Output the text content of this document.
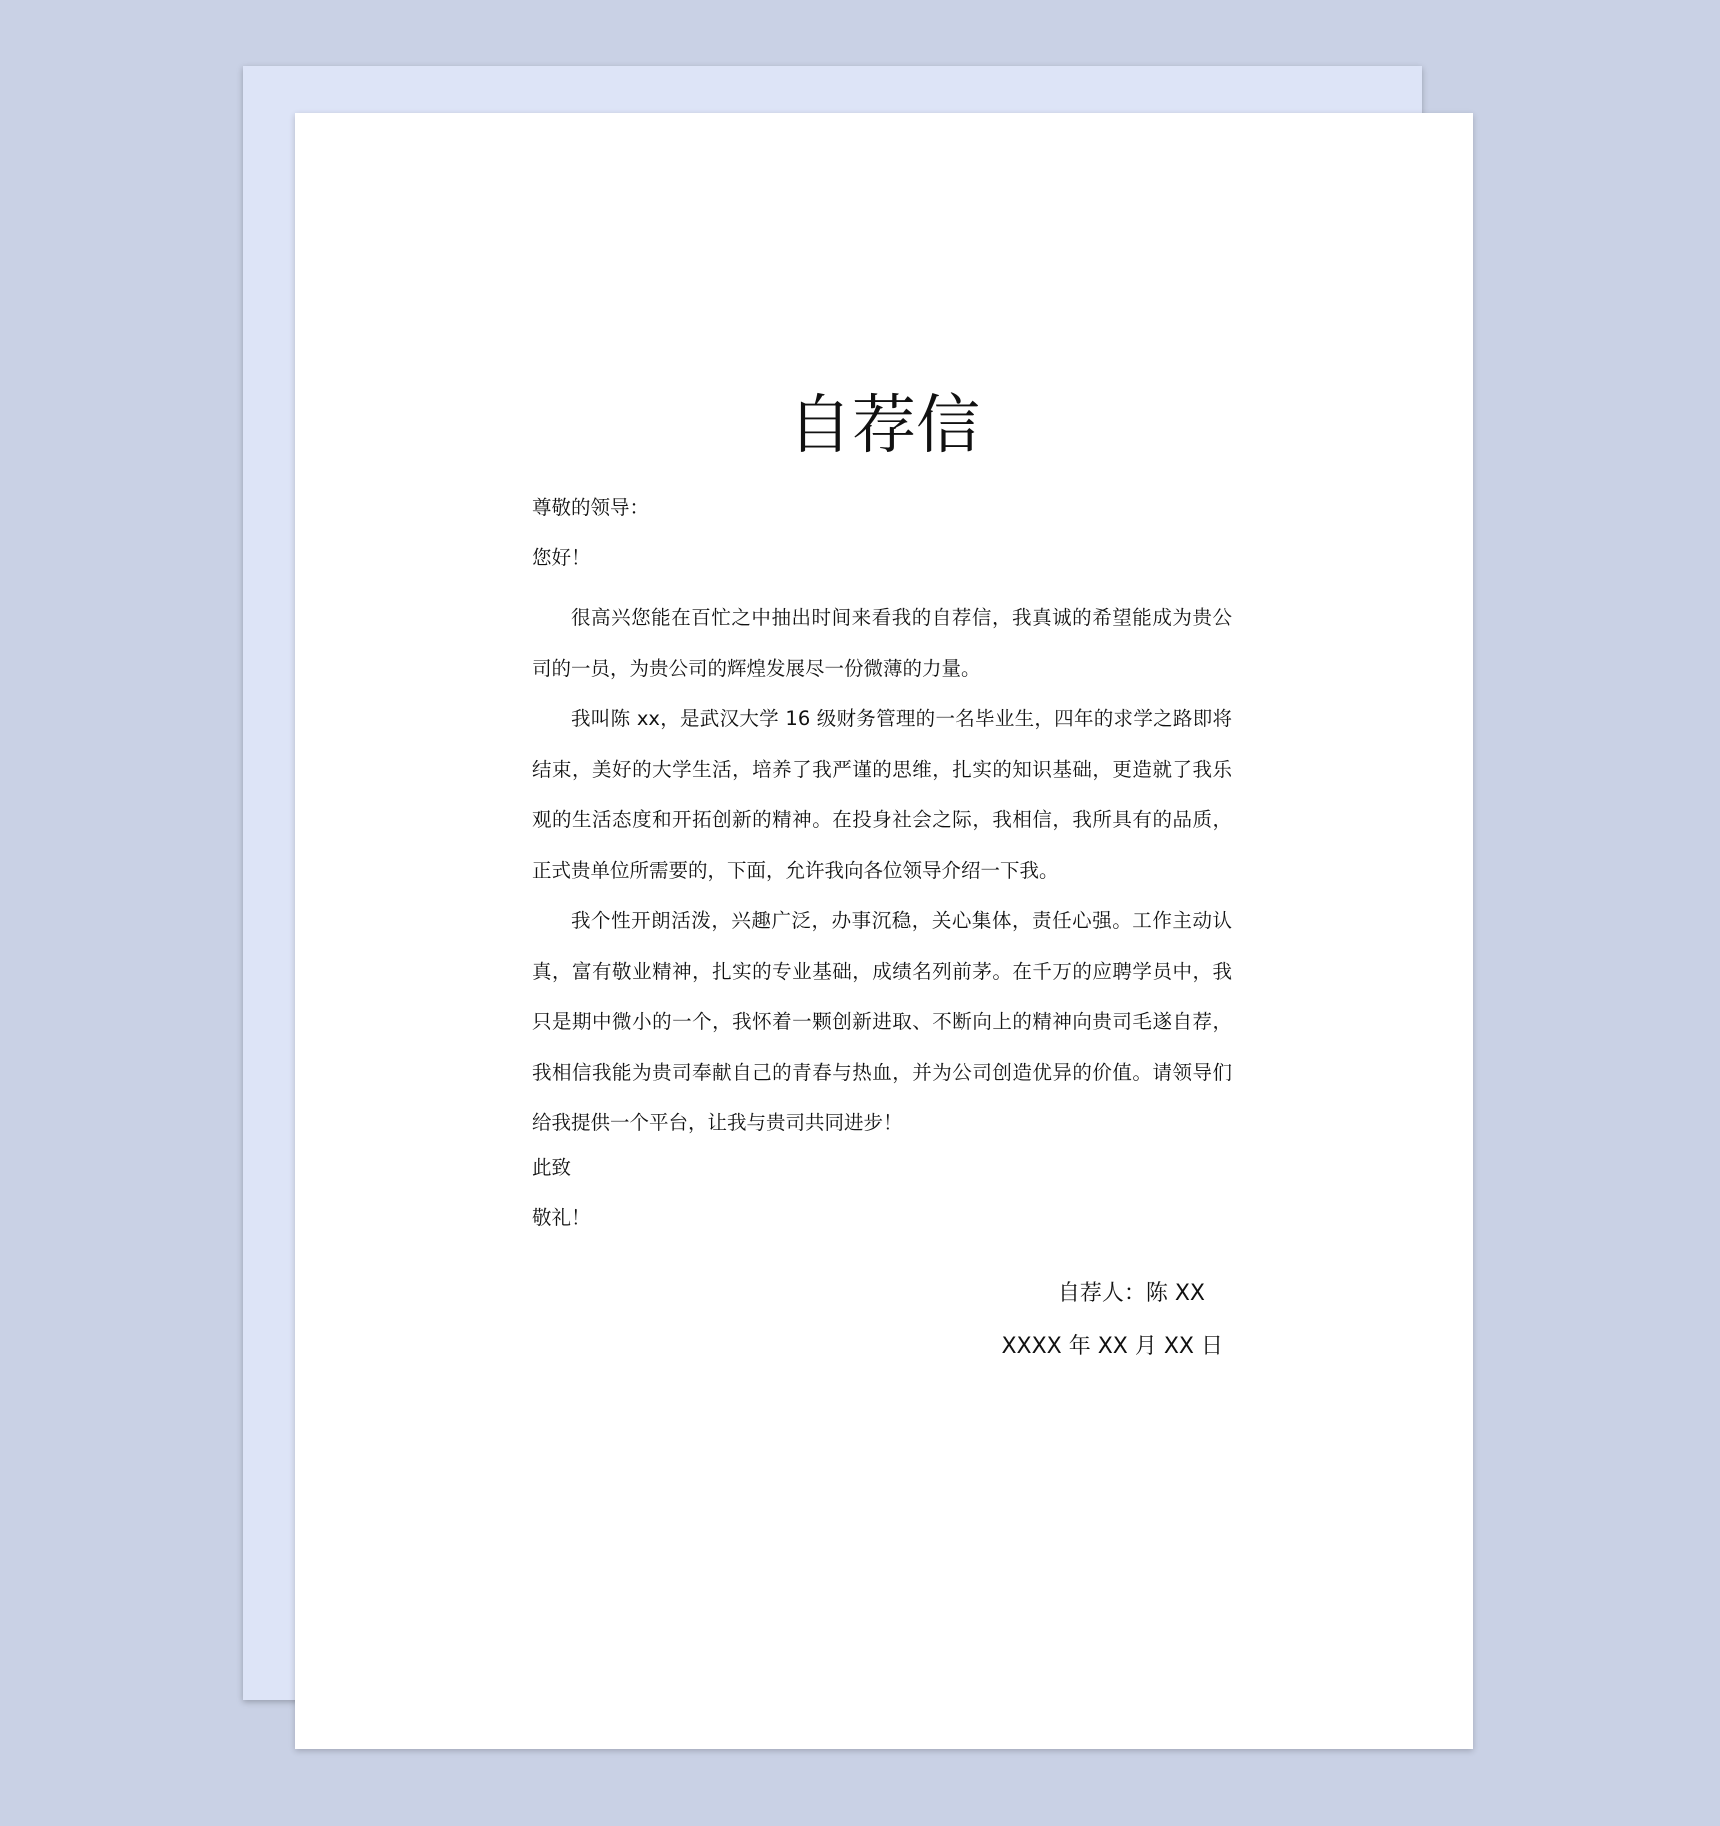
自荐信

尊敬的领导：

您好！

很高兴您能在百忙之中抽出时间来看我的自荐信，我真诚的希望能成为贵公司的一员，为贵公司的辉煌发展尽一份微薄的力量。

我叫陈 xx，是武汉大学 16 级财务管理的一名毕业生，四年的求学之路即将结束，美好的大学生活，培养了我严谨的思维，扎实的知识基础，更造就了我乐观的生活态度和开拓创新的精神。在投身社会之际，我相信，我所具有的品质，正式贵单位所需要的，下面，允许我向各位领导介绍一下我。

我个性开朗活泼，兴趣广泛，办事沉稳，关心集体，责任心强。工作主动认真，富有敬业精神，扎实的专业基础，成绩名列前茅。在千万的应聘学员中，我只是期中微小的一个，我怀着一颗创新进取、不断向上的精神向贵司毛遂自荐，我相信我能为贵司奉献自己的青春与热血，并为公司创造优异的价值。请领导们给我提供一个平台，让我与贵司共同进步！

此致

敬礼！

自荐人：陈 XX
XXXX 年 XX 月 XX 日
